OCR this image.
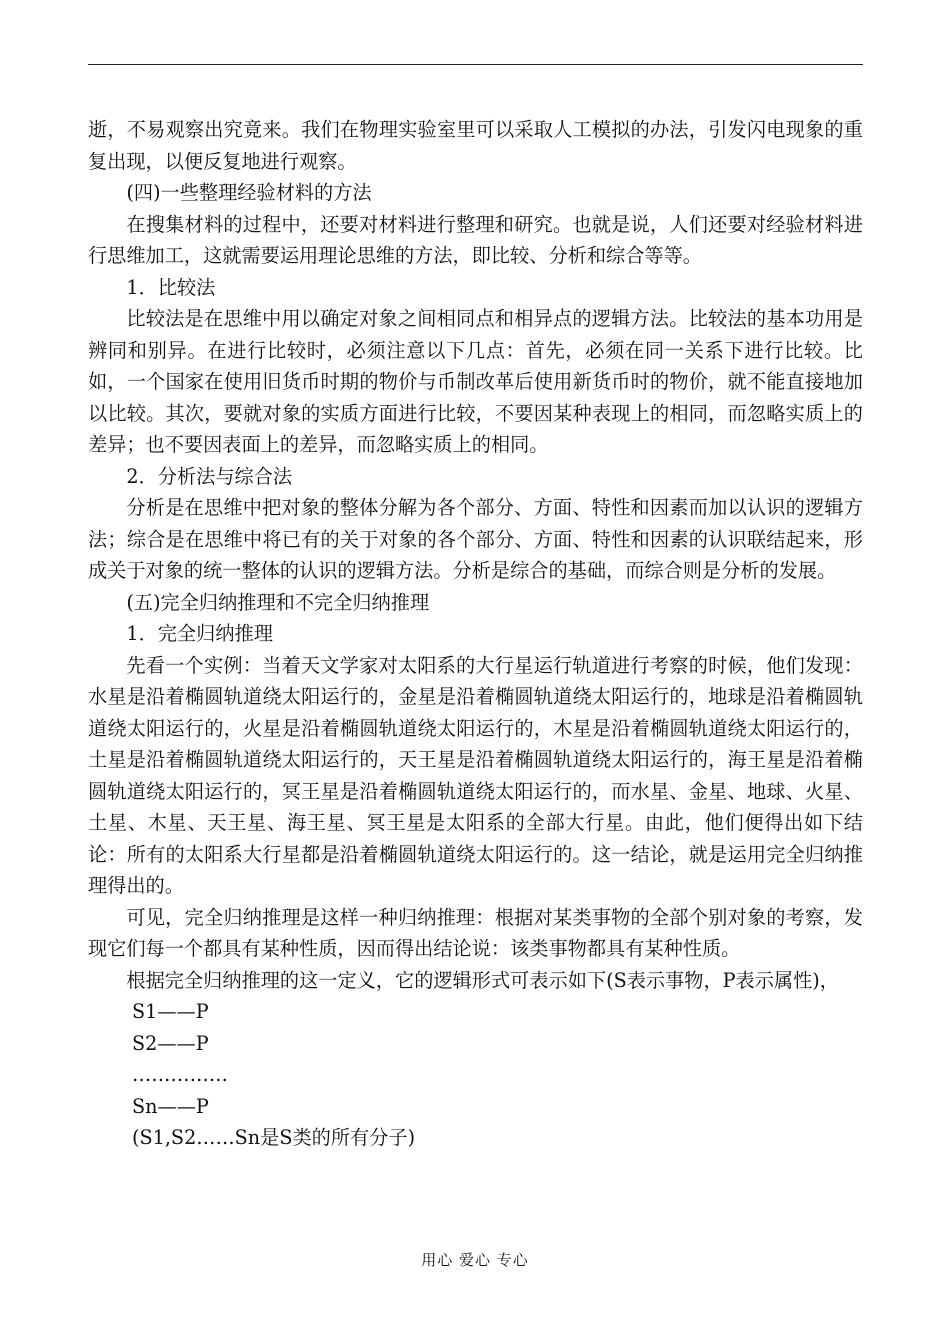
逝，不易观察出究竟来。我们在物理实验室里可以采取人工模拟的办法，引发闪电现象的重复出现，以便反复地进行观察。

(四)一些整理经验材料的方法

在搜集材料的过程中，还要对材料进行整理和研究。也就是说，人们还要对经验材料进行思维加工，这就需要运用理论思维的方法，即比较、分析和综合等等。

1．比较法

比较法是在思维中用以确定对象之间相同点和相异点的逻辑方法。比较法的基本功用是辨同和别异。在进行比较时，必须注意以下几点：首先，必须在同一关系下进行比较。比如，一个国家在使用旧货币时期的物价与币制改革后使用新货币时的物价，就不能直接地加以比较。其次，要就对象的实质方面进行比较，不要因某种表现上的相同，而忽略实质上的差异；也不要因表面上的差异，而忽略实质上的相同。

2．分析法与综合法

分析是在思维中把对象的整体分解为各个部分、方面、特性和因素而加以认识的逻辑方法；综合是在思维中将已有的关于对象的各个部分、方面、特性和因素的认识联结起来，形成关于对象的统一整体的认识的逻辑方法。分析是综合的基础，而综合则是分析的发展。

(五)完全归纳推理和不完全归纳推理

1．完全归纳推理

先看一个实例：当着天文学家对太阳系的大行星运行轨道进行考察的时候，他们发现：水星是沿着椭圆轨道绕太阳运行的，金星是沿着椭圆轨道绕太阳运行的，地球是沿着椭圆轨道绕太阳运行的，火星是沿着椭圆轨道绕太阳运行的，木星是沿着椭圆轨道绕太阳运行的，土星是沿着椭圆轨道绕太阳运行的，天王星是沿着椭圆轨道绕太阳运行的，海王星是沿着椭圆轨道绕太阳运行的，冥王星是沿着椭圆轨道绕太阳运行的，而水星、金星、地球、火星、土星、木星、天王星、海王星、冥王星是太阳系的全部大行星。由此，他们便得出如下结论：所有的太阳系大行星都是沿着椭圆轨道绕太阳运行的。这一结论，就是运用完全归纳推理得出的。

可见，完全归纳推理是这样一种归纳推理：根据对某类事物的全部个别对象的考察，发现它们每一个都具有某种性质，因而得出结论说：该类事物都具有某种性质。

根据完全归纳推理的这一定义，它的逻辑形式可表示如下(S表示事物，P表示属性)，

S1——P

S2——P

……………

Sn——P

(S1,S2……Sn是S类的所有分子)

用心 爱心 专心
